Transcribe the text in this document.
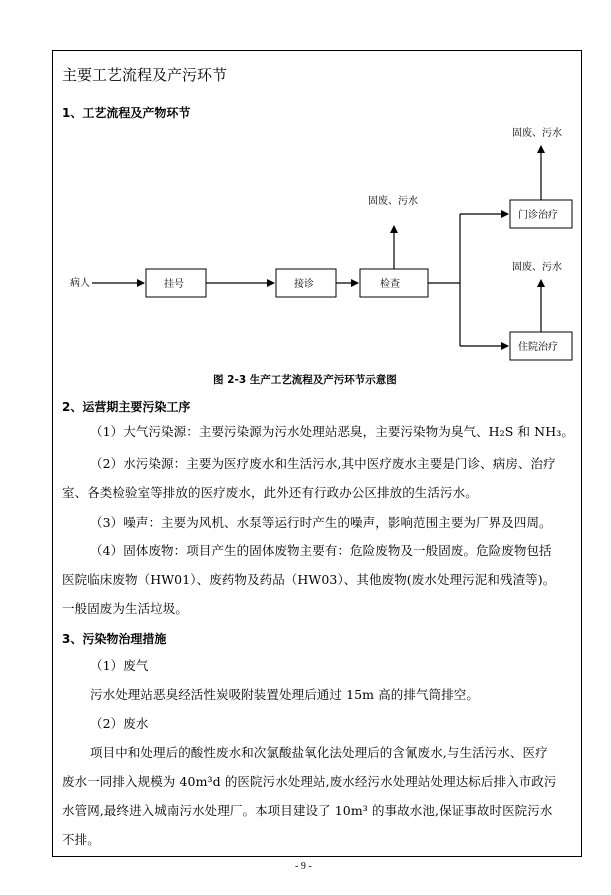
主要工艺流程及产污环节
1、工艺流程及产物环节
病人	挂号	接诊	检查
固废、污水
门诊治疗
固废、污水
住院治疗
固废、污水
图 2-3 生产工艺流程及产污环节示意图
2、运营期主要污染工序
（1）大气污染源：主要污染源为污水处理站恶臭，主要污染物为臭气、H₂S 和 NH₃。
（2）水污染源：主要为医疗废水和生活污水,其中医疗废水主要是门诊、病房、治疗
室、各类检验室等排放的医疗废水，此外还有行政办公区排放的生活污水。
（3）噪声：主要为风机、水泵等运行时产生的噪声，影响范围主要为厂界及四周。
（4）固体废物：项目产生的固体废物主要有：危险废物及一般固废。危险废物包括
医院临床废物（HW01）、废药物及药品（HW03）、其他废物(废水处理污泥和残渣等)。
一般固废为生活垃圾。
3、污染物治理措施
（1）废气
污水处理站恶臭经活性炭吸附装置处理后通过 15m 高的排气筒排空。
（2）废水
项目中和处理后的酸性废水和次氯酸盐氧化法处理后的含氰废水,与生活污水、医疗
废水一同排入规模为 40m³d 的医院污水处理站,废水经污水处理站处理达标后排入市政污
水管网,最终进入城南污水处理厂。本项目建设了 10m³ 的事故水池,保证事故时医院污水
不排。
- 9 -
